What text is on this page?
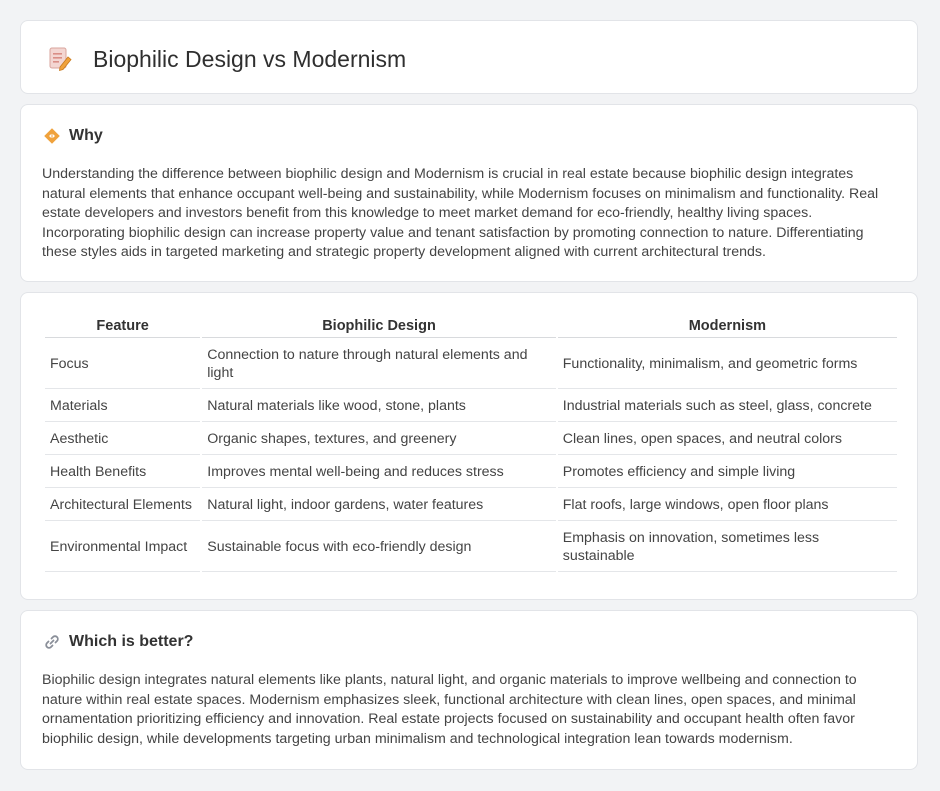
Biophilic Design vs Modernism
Why
Understanding the difference between biophilic design and Modernism is crucial in real estate because biophilic design integrates natural elements that enhance occupant well-being and sustainability, while Modernism focuses on minimalism and functionality. Real estate developers and investors benefit from this knowledge to meet market demand for eco-friendly, healthy living spaces. Incorporating biophilic design can increase property value and tenant satisfaction by promoting connection to nature. Differentiating these styles aids in targeted marketing and strategic property development aligned with current architectural trends.
Feature	Biophilic Design	Modernism
Focus	Connection to nature through natural elements and light	Functionality, minimalism, and geometric forms
Materials	Natural materials like wood, stone, plants	Industrial materials such as steel, glass, concrete
Aesthetic	Organic shapes, textures, and greenery	Clean lines, open spaces, and neutral colors
Health Benefits	Improves mental well-being and reduces stress	Promotes efficiency and simple living
Architectural Elements	Natural light, indoor gardens, water features	Flat roofs, large windows, open floor plans
Environmental Impact	Sustainable focus with eco-friendly design	Emphasis on innovation, sometimes less sustainable
Which is better?
Biophilic design integrates natural elements like plants, natural light, and organic materials to improve wellbeing and connection to nature within real estate spaces. Modernism emphasizes sleek, functional architecture with clean lines, open spaces, and minimal ornamentation prioritizing efficiency and innovation. Real estate projects focused on sustainability and occupant health often favor biophilic design, while developments targeting urban minimalism and technological integration lean towards modernism.
